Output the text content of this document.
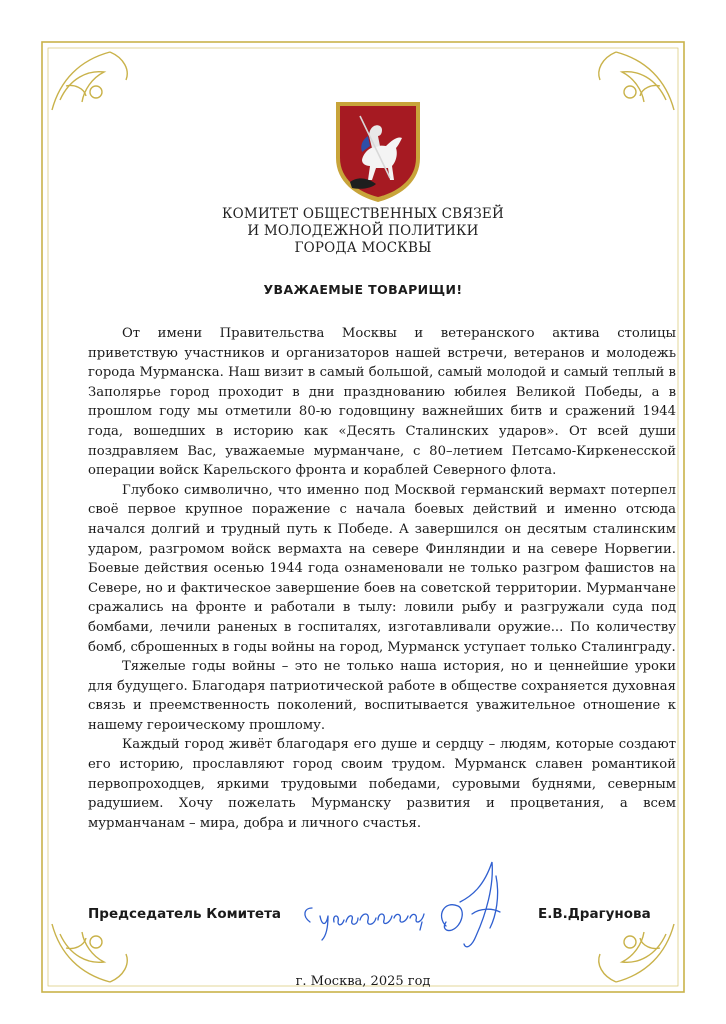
КОМИТЕТ ОБЩЕСТВЕННЫХ СВЯЗЕЙ
И МОЛОДЕЖНОЙ ПОЛИТИКИ
ГОРОДА МОСКВЫ
УВАЖАЕМЫЕ ТОВАРИЩИ!

От имени Правительства Москвы и ветеранского актива столицы приветствую участников и организаторов нашей встречи, ветеранов и молодежь города Мурманска. Наш визит в самый большой, самый молодой и самый теплый в Заполярье город проходит в дни празднованию юбилея Великой Победы, а в прошлом году мы отметили 80-ю годовщину важнейших битв и сражений 1944 года, вошедших в историю как «Десять Сталинских ударов». От всей души поздравляем Вас, уважаемые мурманчане, с 80–летием Петсамо-Киркенесской операции войск Карельского фронта и кораблей Северного флота.

Глубоко символично, что именно под Москвой германский вермахт потерпел своё первое крупное поражение с начала боевых действий и именно отсюда начался долгий и трудный путь к Победе. А завершился он десятым сталинским ударом, разгромом войск вермахта на севере Финляндии и на севере Норвегии. Боевые действия осенью 1944 года ознаменовали не только разгром фашистов на Севере, но и фактическое завершение боев на советской территории. Мурманчане сражались на фронте и работали в тылу: ловили рыбу и разгружали суда под бомбами, лечили раненых в госпиталях, изготавливали оружие... По количеству бомб, сброшенных в годы войны на город, Мурманск уступает только Сталинграду.

Тяжелые годы войны – это не только наша история, но и ценнейшие уроки для будущего. Благодаря патриотической работе в обществе сохраняется духовная связь и преемственность поколений, воспитывается уважительное отношение к нашему героическому прошлому.

Каждый город живёт благодаря его душе и сердцу – людям, которые создают его историю, прославляют город своим трудом. Мурманск славен романтикой первопроходцев, яркими трудовыми победами, суровыми буднями, северным радушием. Хочу пожелать Мурманску развития и процветания, а всем мурманчанам – мира, добра и личного счастья.

Председатель Комитета	Е.В.Драгунова
г. Москва, 2025 год
